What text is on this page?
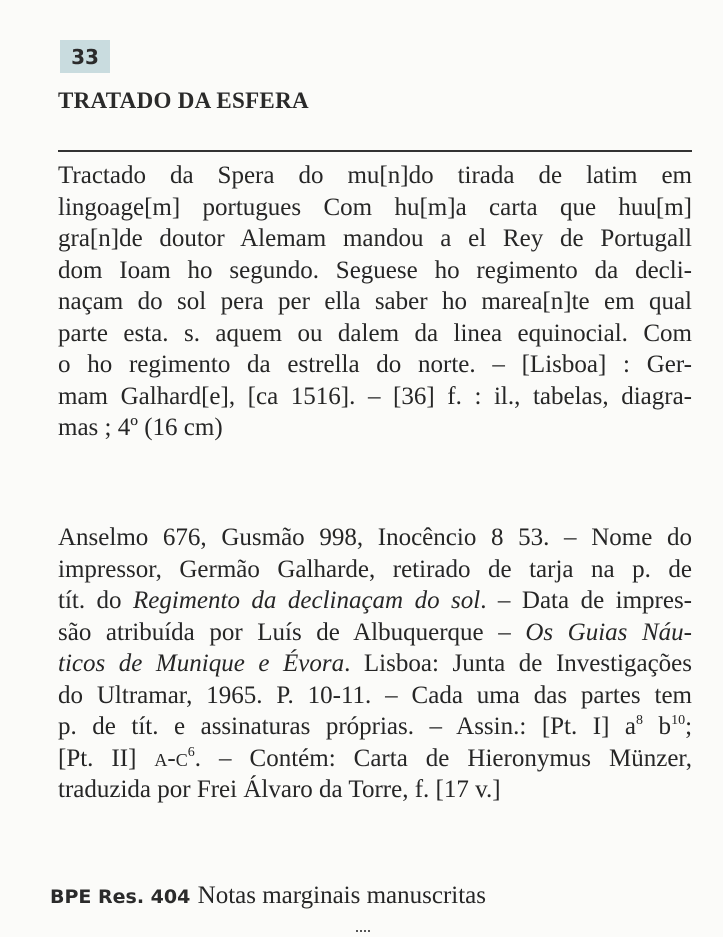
33
TRATADO DA ESFERA
Tractado da Spera do mu[n]do tirada de latim em
lingoage[m] portugues Com hu[m]a carta que huu[m]
gra[n]de doutor Alemam mandou a el Rey de Portugall
dom Ioam ho segundo. Seguese ho regimento da decli-
naçam do sol pera per ella saber ho marea[n]te em qual
parte esta. s. aquem ou dalem da linea equinocial. Com
o ho regimento da estrella do norte. – [Lisboa] : Ger-
mam Galhard[e], [ca 1516]. – [36] f. : il., tabelas, diagra-
mas ; 4º (16 cm)
Anselmo 676, Gusmão 998, Inocêncio 8 53. – Nome do
impressor, Germão Galharde, retirado de tarja na p. de
tít. do Regimento da declinaçam do sol. – Data de impres-
são atribuída por Luís de Albuquerque – Os Guias Náu-
ticos de Munique e Évora. Lisboa: Junta de Investigações
do Ultramar, 1965. P. 10-11. – Cada uma das partes tem
p. de tít. e assinaturas próprias. – Assin.: [Pt. I] $a^8$ $b^{10}$;
[Pt. II] $a-c^6$. – Contém: Carta de Hieronymus Münzer,
traduzida por Frei Álvaro da Torre, f. [17 v.]
BPE Res. 404 Notas marginais manuscritas
